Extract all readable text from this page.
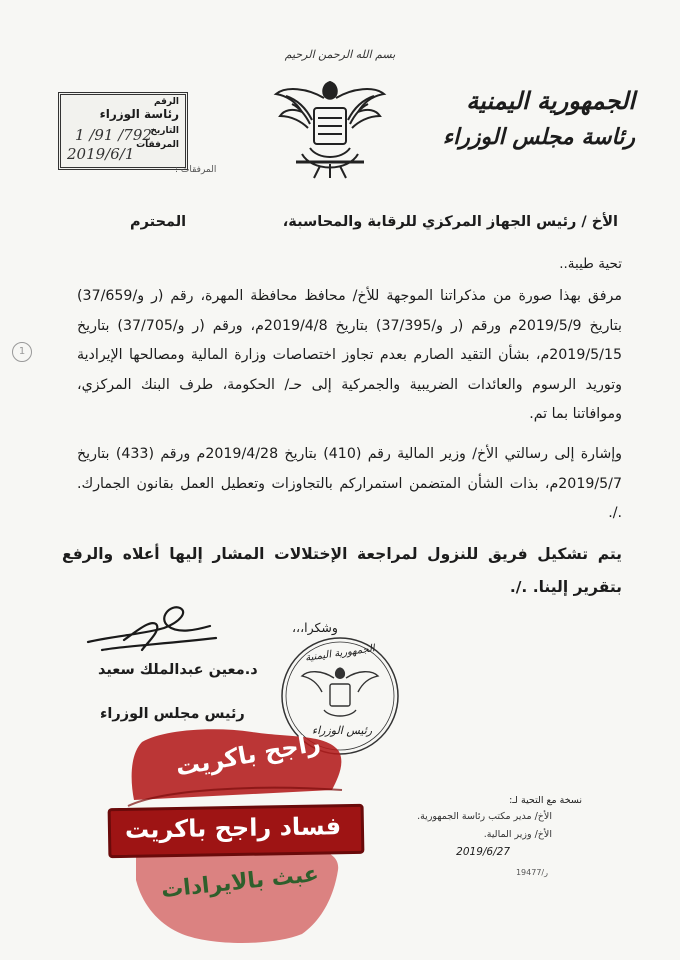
بسم الله الرحمن الرحيم
الجمهورية اليمنية
رئاسة مجلس الوزراء
الرقم
رئاسة الوزراء
التاريخ
792/ 91/ 1
المرفقات
2019/6/1
المرفقات :
الأخ / رئيس الجهاز المركزي للرقابة والمحاسبة،
المحترم
تحية طيبة..
مرفق بهذا صورة من مذكراتنا الموجهة للأخ/ محافظ محافظة المهرة، رقم (ر و/37/659) بتاريخ 2019/5/9م ورقم (ر و/37/395) بتاريخ 2019/4/8م، ورقم (ر و/37/705) بتاريخ 2019/5/15م، بشأن التقيد الصارم بعدم تجاوز اختصاصات وزارة المالية ومصالحها الإيرادية وتوريد الرسوم والعائدات الضريبية والجمركية إلى حـ/ الحكومة، طرف البنك المركزي، وموافاتنا بما تم.
1
وإشارة إلى رسالتي الأخ/ وزير المالية رقم (410) بتاريخ 2019/4/28م ورقم (433) بتاريخ 2019/5/7م، بذات الشأن المتضمن استمراركم بالتجاوزات وتعطيل العمل بقانون الجمارك. ./.
يتم تشكيل فريق للنزول لمراجعة الإختلالات المشار إليها أعلاه والرفع بتقرير إلينا. ./.
وشكرا،،،
د.معين عبدالملك سعيد
رئيس مجلس الوزراء
الجمهورية اليمنية
رئيس الوزراء
راجح باكريت
فساد راجح باكريت
عبث بالايرادات
نسخة مع التحية لـ:
الأخ/ مدير مكتب رئاسة الجمهورية.
الأخ/ وزير المالية.
2019/6/27
19477/ر
